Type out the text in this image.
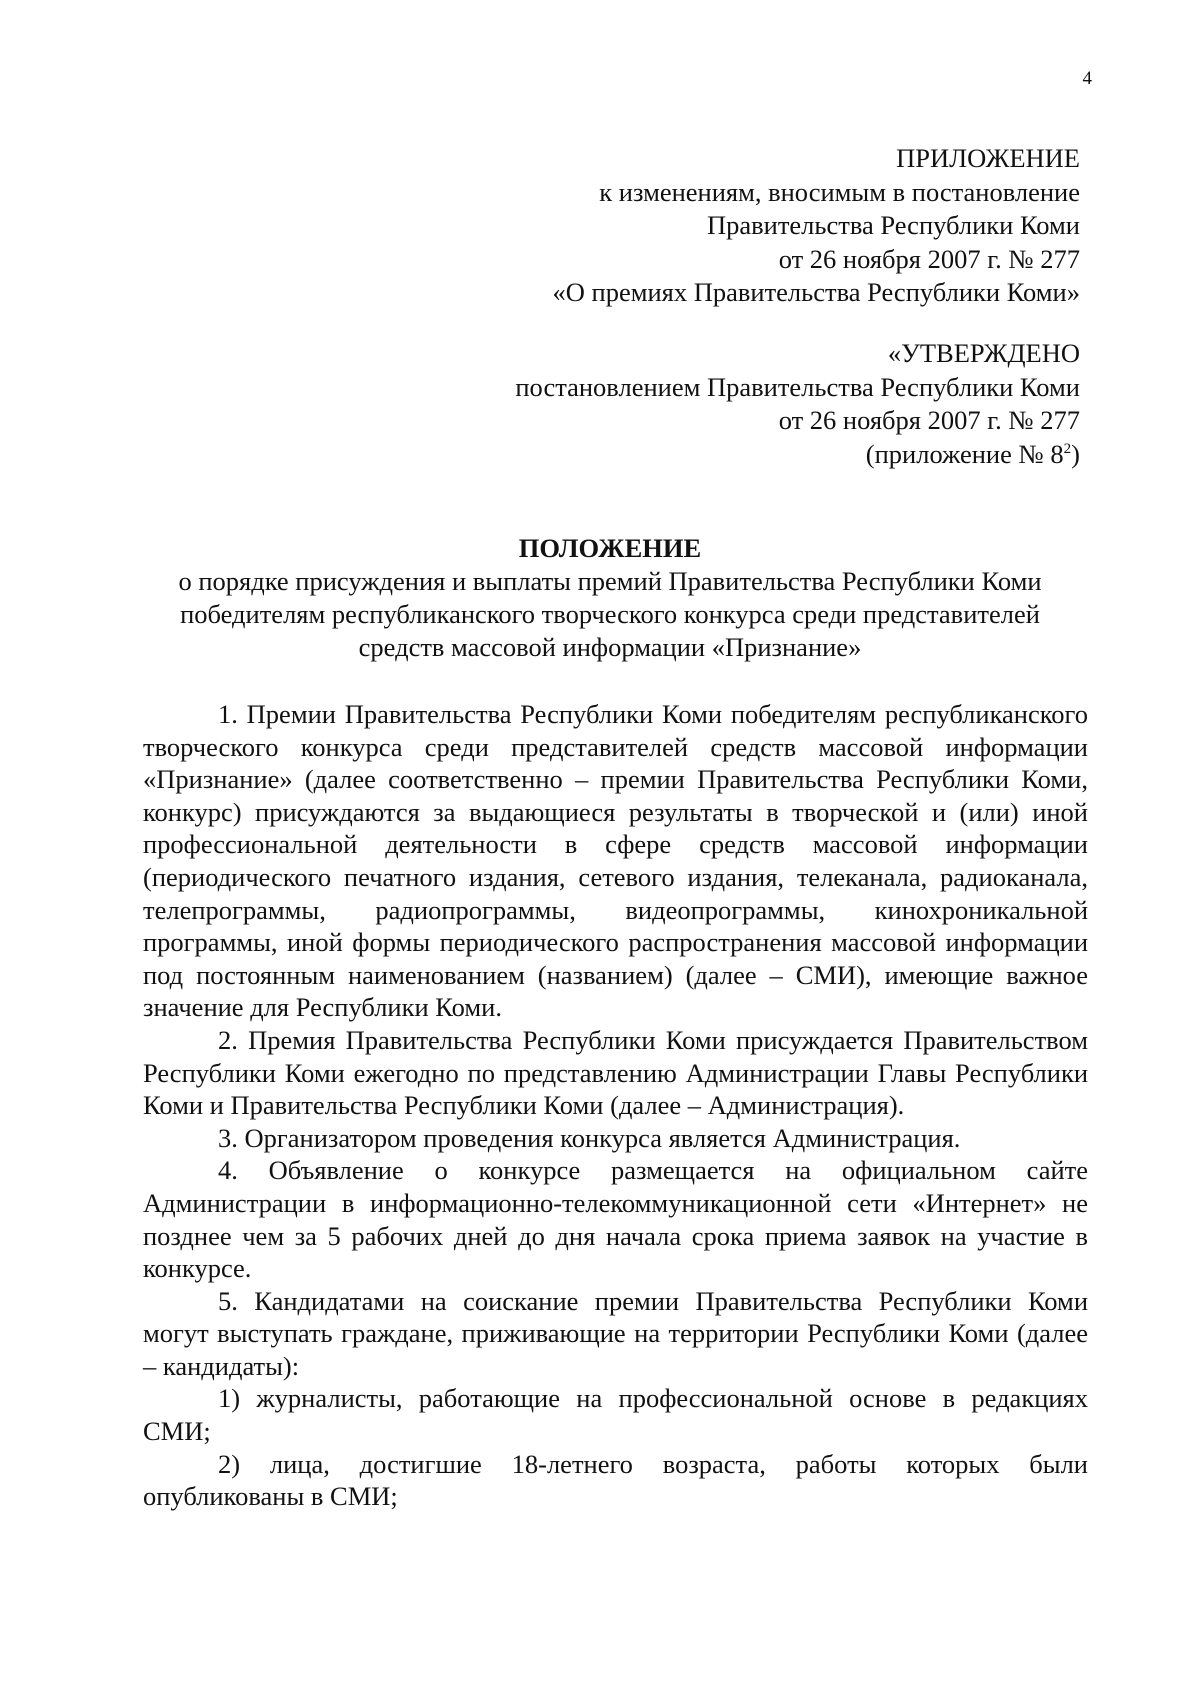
4
ПРИЛОЖЕНИЕ
к изменениям, вносимым в постановление
Правительства Республики Коми
от 26 ноября 2007 г. № 277
«О премиях Правительства Республики Коми»
«УТВЕРЖДЕНО
постановлением Правительства Республики Коми
от 26 ноября 2007 г. № 277
(приложение № $8^2$)
ПОЛОЖЕНИЕ
о порядке присуждения и выплаты премий Правительства Республики Коми победителям республиканского творческого конкурса среди представителей средств массовой информации «Признание»

1. Премии Правительства Республики Коми победителям республиканского творческого конкурса среди представителей средств массовой информации «Признание» (далее соответственно – премии Правительства Республики Коми, конкурс) присуждаются за выдающиеся результаты в творческой и (или) иной профессиональной деятельности в сфере средств массовой информации (периодического печатного издания, сетевого издания, телеканала, радиоканала, телепрограммы, радиопрограммы, видеопрограммы, кинохроникальной программы, иной формы периодического распространения массовой информации под постоянным наименованием (названием) (далее – СМИ), имеющие важное значение для Республики Коми.

2. Премия Правительства Республики Коми присуждается Правительством Республики Коми ежегодно по представлению Администрации Главы Республики Коми и Правительства Республики Коми (далее – Администрация).

3. Организатором проведения конкурса является Администрация.

4. Объявление о конкурсе размещается на официальном сайте Администрации в информационно-телекоммуникационной сети «Интернет» не позднее чем за 5 рабочих дней до дня начала срока приема заявок на участие в конкурсе.

5. Кандидатами на соискание премии Правительства Республики Коми могут выступать граждане, приживающие на территории Республики Коми (далее – кандидаты):

1) журналисты, работающие на профессиональной основе в редакциях СМИ;

2) лица, достигшие 18-летнего возраста, работы которых были опубликованы в СМИ;
